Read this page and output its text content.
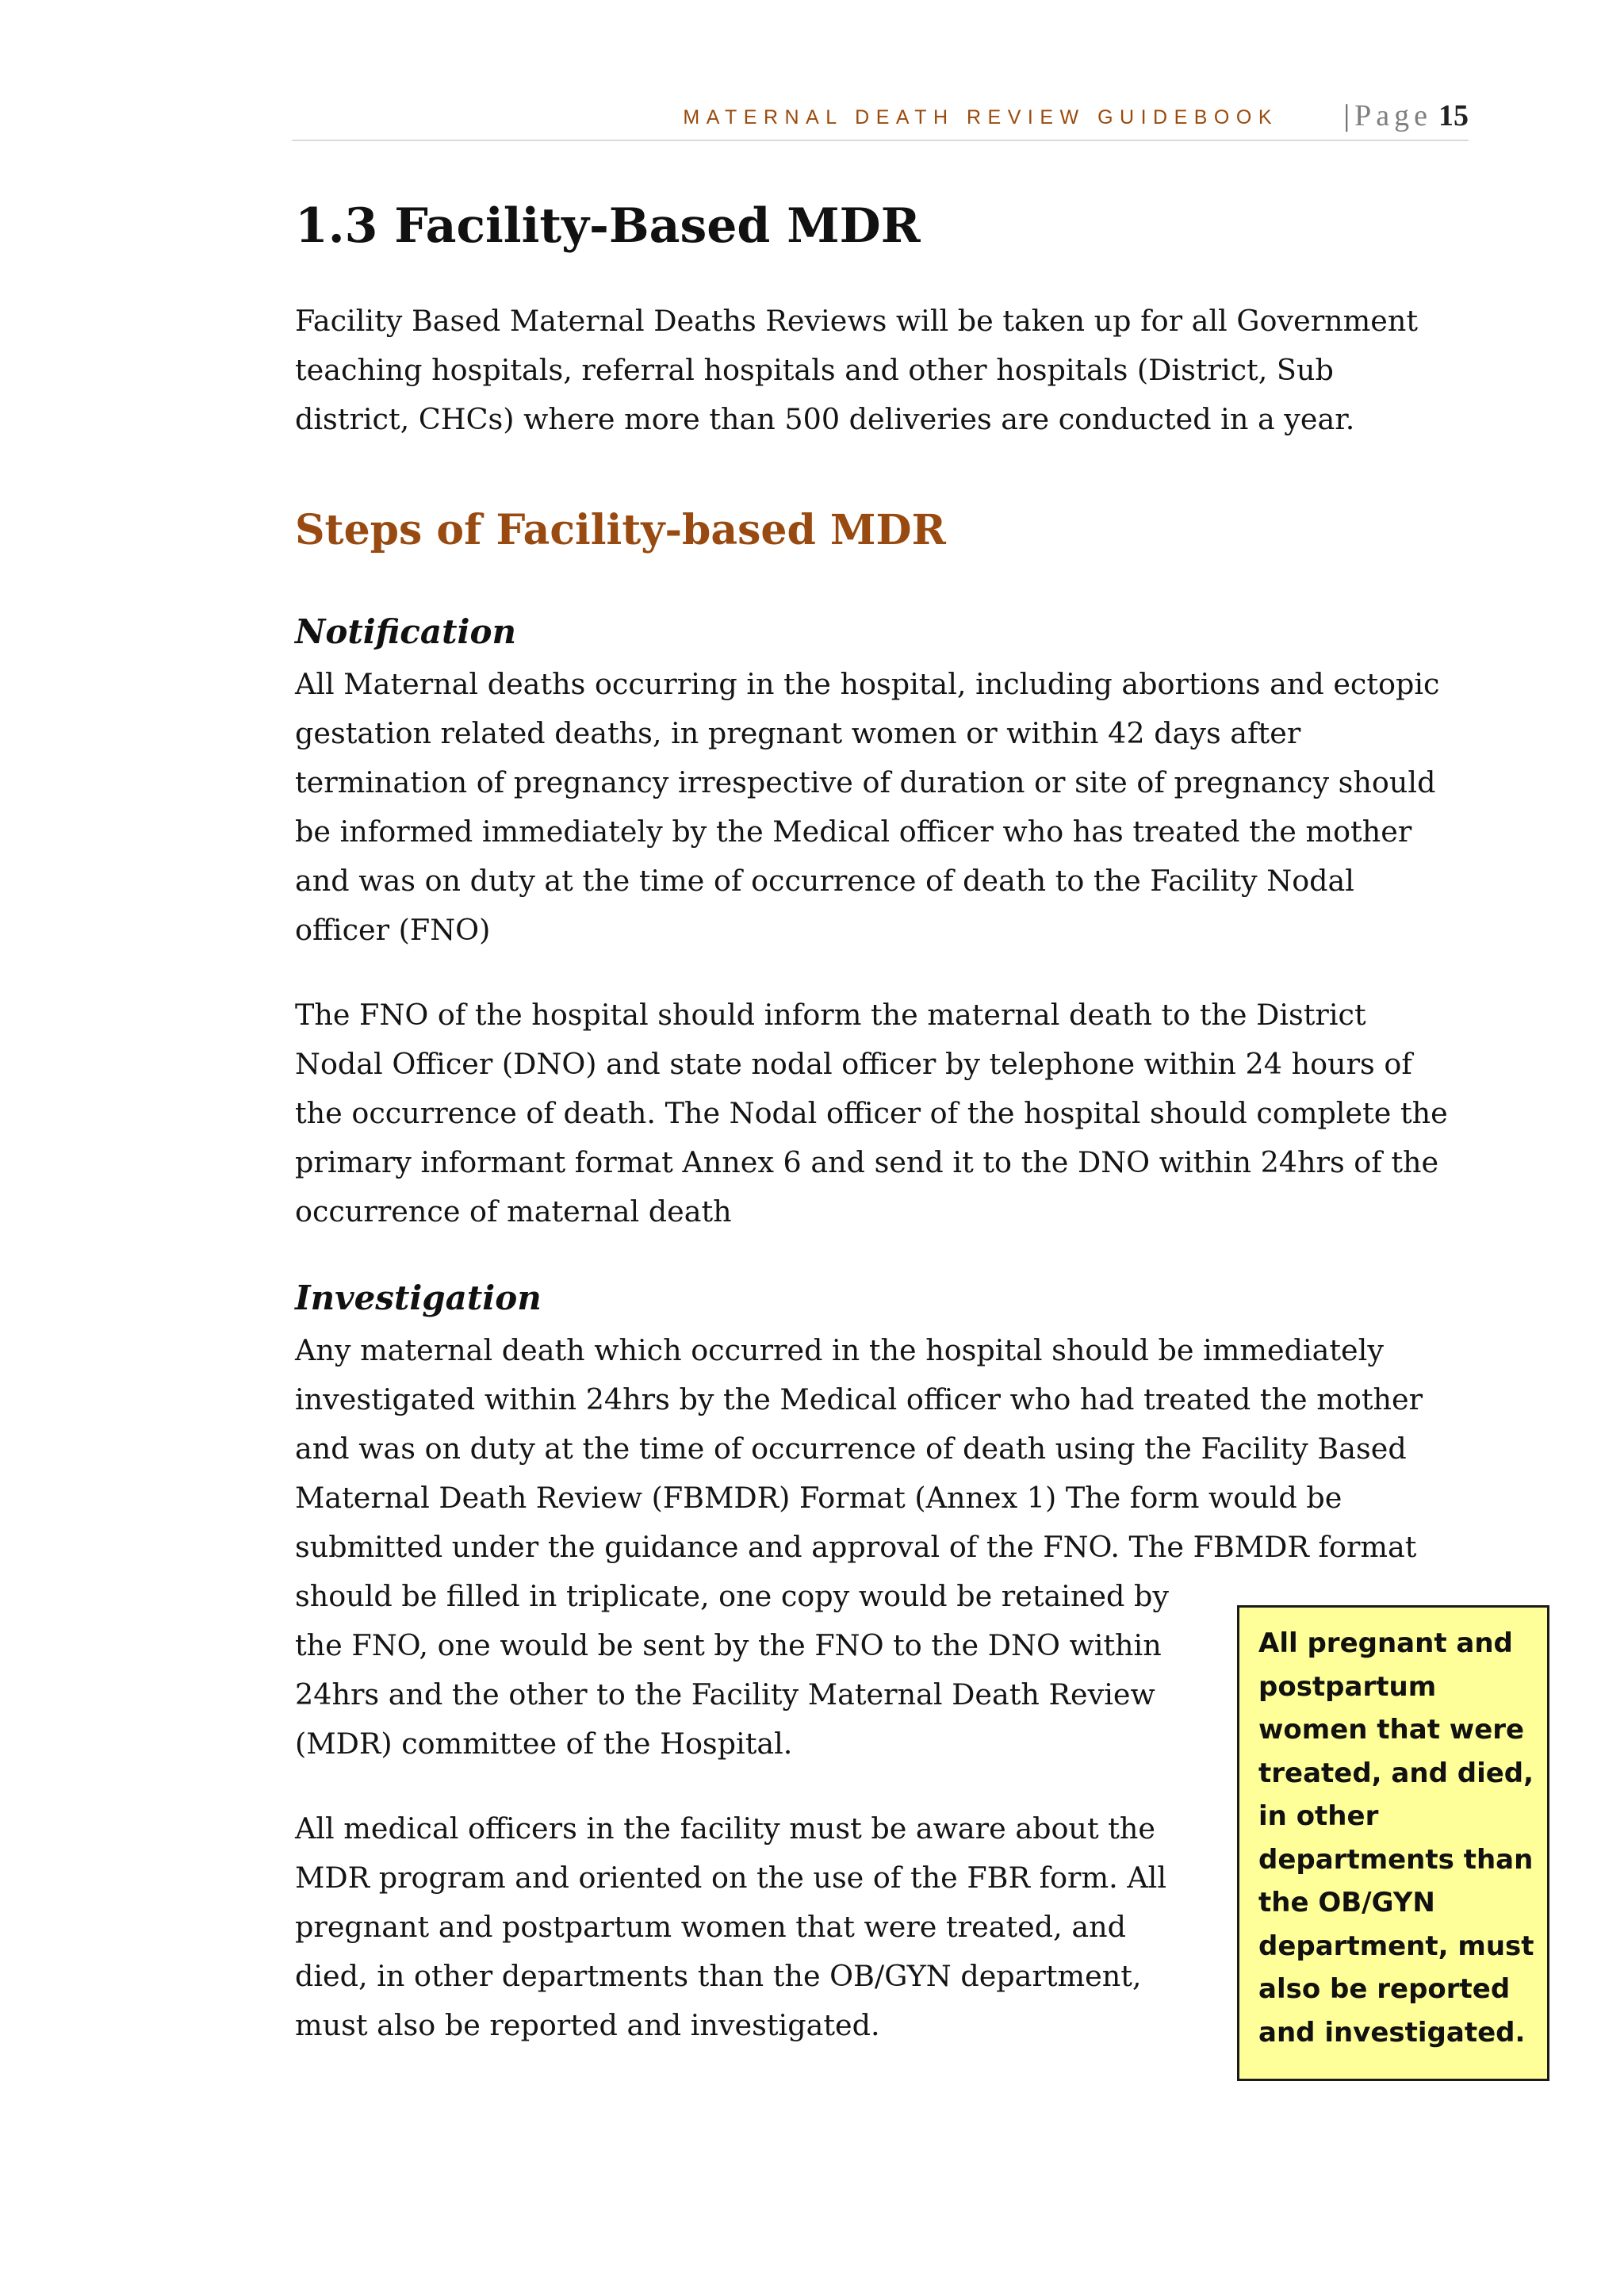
MATERNAL DEATH REVIEW GUIDEBOOK | Page 15
1.3 Facility-Based MDR

Facility Based Maternal Deaths Reviews will be taken up for all Government
teaching hospitals, referral hospitals and other hospitals (District, Sub
district, CHCs) where more than 500 deliveries are conducted in a year.

Steps of Facility-based MDR
Notification

All Maternal deaths occurring in the hospital, including abortions and ectopic
gestation related deaths, in pregnant women or within 42 days after
termination of pregnancy irrespective of duration or site of pregnancy should
be informed immediately by the Medical officer who has treated the mother
and was on duty at the time of occurrence of death to the Facility Nodal
officer (FNO)

The FNO of the hospital should inform the maternal death to the District
Nodal Officer (DNO) and state nodal officer by telephone within 24 hours of
the occurrence of death. The Nodal officer of the hospital should complete the
primary informant format Annex 6 and send it to the DNO within 24hrs of the
occurrence of maternal death

Investigation

Any maternal death which occurred in the hospital should be immediately
investigated within 24hrs by the Medical officer who had treated the mother
and was on duty at the time of occurrence of death using the Facility Based
Maternal Death Review (FBMDR) Format (Annex 1) The form would be
submitted under the guidance and approval of the FNO. The FBMDR format
should be filled in triplicate, one copy would be retained by
the FNO, one would be sent by the FNO to the DNO within
24hrs and the other to the Facility Maternal Death Review
(MDR) committee of the Hospital.

All medical officers in the facility must be aware about the
MDR program and oriented on the use of the FBR form. All
pregnant and postpartum women that were treated, and
died, in other departments than the OB/GYN department,
must also be reported and investigated.

All pregnant and
postpartum
women that were
treated, and died,
in other
departments than
the OB/GYN
department, must
also be reported
and investigated.
